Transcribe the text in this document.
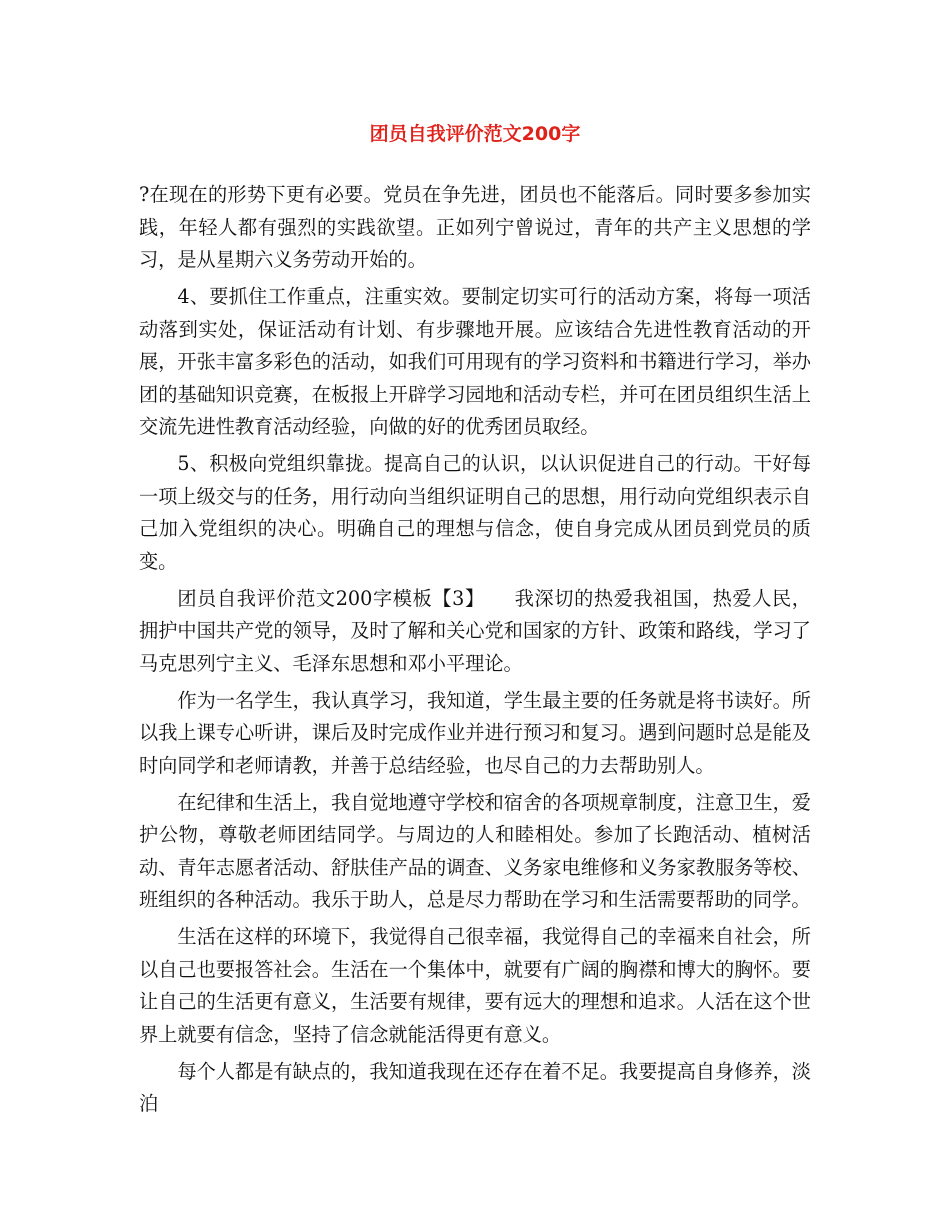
团员自我评价范文200字

?在现在的形势下更有必要。党员在争先进，团员也不能落后。同时要多参加实践，年轻人都有强烈的实践欲望。正如列宁曾说过，青年的共产主义思想的学习，是从星期六义务劳动开始的。

4、要抓住工作重点，注重实效。要制定切实可行的活动方案，将每一项活动落到实处，保证活动有计划、有步骤地开展。应该结合先进性教育活动的开展，开张丰富多彩色的活动，如我们可用现有的学习资料和书籍进行学习，举办团的基础知识竞赛，在板报上开辟学习园地和活动专栏，并可在团员组织生活上交流先进性教育活动经验，向做的好的优秀团员取经。

5、积极向党组织靠拢。提高自己的认识，以认识促进自己的行动。干好每一项上级交与的任务，用行动向当组织证明自己的思想，用行动向党组织表示自己加入党组织的决心。明确自己的理想与信念，使自身完成从团员到党员的质变。

团员自我评价范文200字模板【3】　　我深切的热爱我祖国，热爱人民，拥护中国共产党的领导，及时了解和关心党和国家的方针、政策和路线，学习了马克思列宁主义、毛泽东思想和邓小平理论。

作为一名学生，我认真学习，我知道，学生最主要的任务就是将书读好。所以我上课专心听讲，课后及时完成作业并进行预习和复习。遇到问题时总是能及时向同学和老师请教，并善于总结经验，也尽自己的力去帮助别人。

在纪律和生活上，我自觉地遵守学校和宿舍的各项规章制度，注意卫生，爱护公物，尊敬老师团结同学。与周边的人和睦相处。参加了长跑活动、植树活动、青年志愿者活动、舒肤佳产品的调查、义务家电维修和义务家教服务等校、班组织的各种活动。我乐于助人，总是尽力帮助在学习和生活需要帮助的同学。

生活在这样的环境下，我觉得自己很幸福，我觉得自己的幸福来自社会，所以自己也要报答社会。生活在一个集体中，就要有广阔的胸襟和博大的胸怀。要让自己的生活更有意义，生活要有规律，要有远大的理想和追求。人活在这个世界上就要有信念，坚持了信念就能活得更有意义。

每个人都是有缺点的，我知道我现在还存在着不足。我要提高自身修养，淡泊
